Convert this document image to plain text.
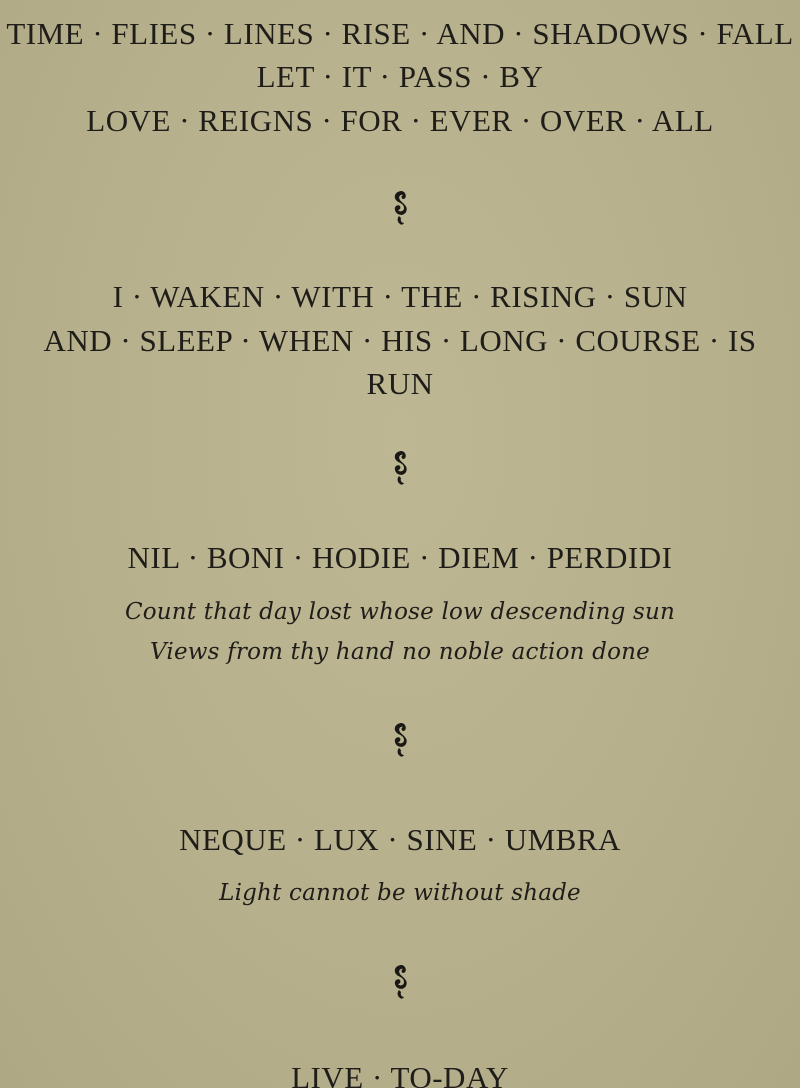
TIME · FLIES · LINES · RISE · AND · SHADOWS · FALL
LET · IT · PASS · BY
LOVE · REIGNS · FOR · EVER · OVER · ALL
I · WAKEN · WITH · THE · RISING · SUN
AND · SLEEP · WHEN · HIS · LONG · COURSE · IS
RUN
NIL · BONI · HODIE · DIEM · PERDIDI
Count that day lost whose low descending sun
Views from thy hand no noble action done
NEQUE · LUX · SINE · UMBRA
Light cannot be without shade
LIVE · TO-DAY
